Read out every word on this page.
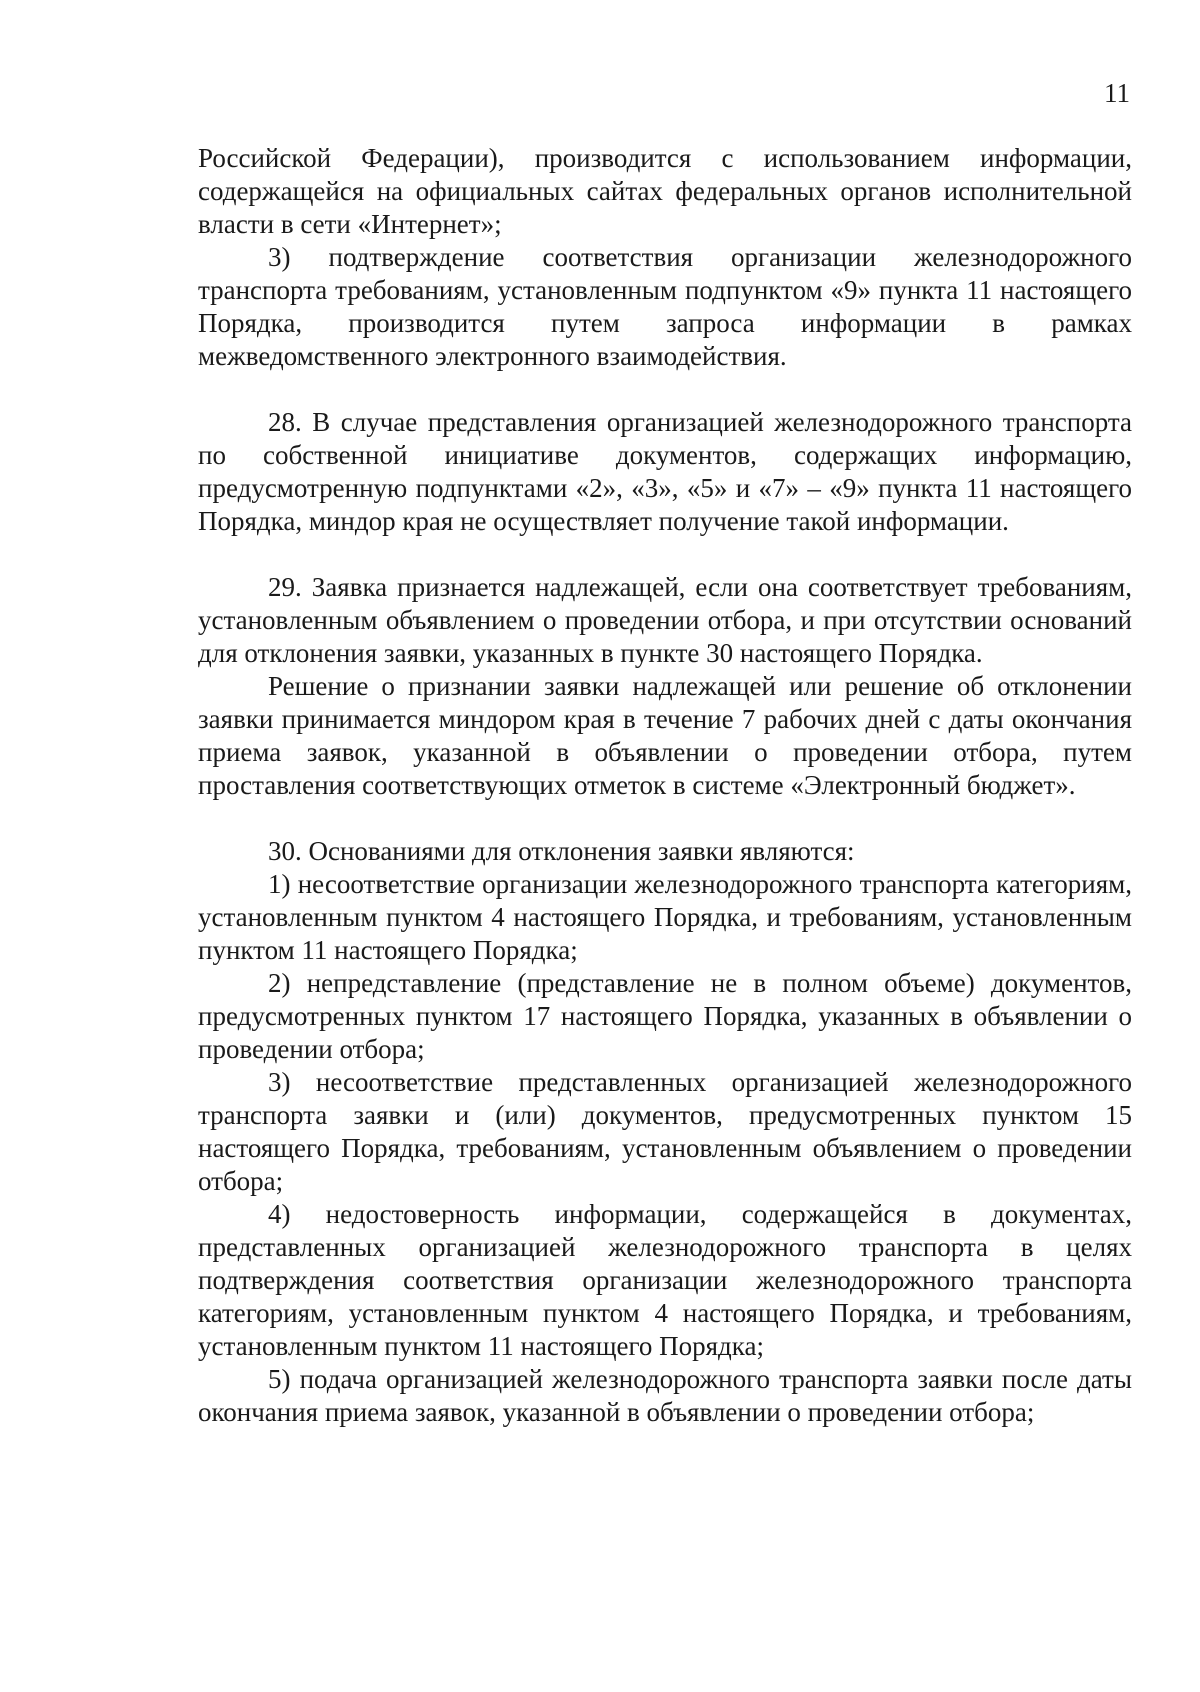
11

Российской Федерации), производится с использованием информации, содержащейся на официальных сайтах федеральных органов исполнительной власти в сети «Интернет»;

3) подтверждение соответствия организации железнодорожного транспорта требованиям, установленным подпунктом «9» пункта 11 настоящего Порядка, производится путем запроса информации в рамках межведомственного электронного взаимодействия.

28. В случае представления организацией железнодорожного транспорта по собственной инициативе документов, содержащих информацию, предусмотренную подпунктами «2», «3», «5» и «7» – «9» пункта 11 настоящего Порядка, миндор края не осуществляет получение такой информации.

29. Заявка признается надлежащей, если она соответствует требованиям, установленным объявлением о проведении отбора, и при отсутствии оснований для отклонения заявки, указанных в пункте 30 настоящего Порядка.

Решение о признании заявки надлежащей или решение об отклонении заявки принимается миндором края в течение 7 рабочих дней с даты окончания приема заявок, указанной в объявлении о проведении отбора, путем проставления соответствующих отметок в системе «Электронный бюджет».

30. Основаниями для отклонения заявки являются:

1) несоответствие организации железнодорожного транспорта категориям, установленным пунктом 4 настоящего Порядка, и требованиям, установленным пунктом 11 настоящего Порядка;

2) непредставление (представление не в полном объеме) документов, предусмотренных пунктом 17 настоящего Порядка, указанных в объявлении о проведении отбора;

3) несоответствие представленных организацией железнодорожного транспорта заявки и (или) документов, предусмотренных пунктом 15 настоящего Порядка, требованиям, установленным объявлением о проведении отбора;

4) недостоверность информации, содержащейся в документах, представленных организацией железнодорожного транспорта в целях подтверждения соответствия организации железнодорожного транспорта категориям, установленным пунктом 4 настоящего Порядка, и требованиям, установленным пунктом 11 настоящего Порядка;

5) подача организацией железнодорожного транспорта заявки после даты окончания приема заявок, указанной в объявлении о проведении отбора;
